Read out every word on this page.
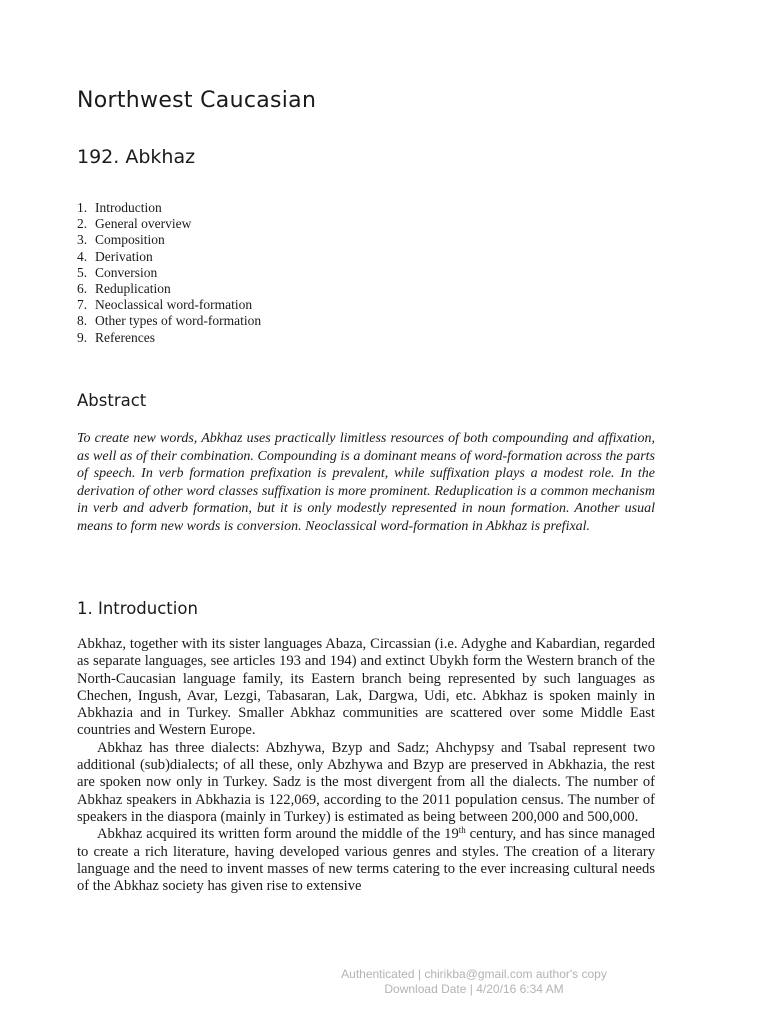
Northwest Caucasian
192. Abkhaz
1. Introduction
2. General overview
3. Composition
4. Derivation
5. Conversion
6. Reduplication
7. Neoclassical word-formation
8. Other types of word-formation
9. References
Abstract

To create new words, Abkhaz uses practically limitless resources of both compounding and affixation, as well as of their combination. Compounding is a dominant means of word-formation across the parts of speech. In verb formation prefixation is prevalent, while suffixation plays a modest role. In the derivation of other word classes suffixation is more prominent. Reduplication is a common mechanism in verb and adverb formation, but it is only modestly represented in noun formation. Another usual means to form new words is conversion. Neoclassical word-formation in Abkhaz is prefixal.

1. Introduction

Abkhaz, together with its sister languages Abaza, Circassian (i.e. Adyghe and Kabardian, regarded as separate languages, see articles 193 and 194) and extinct Ubykh form the Western branch of the North-Caucasian language family, its Eastern branch being represented by such languages as Chechen, Ingush, Avar, Lezgi, Tabasaran, Lak, Dargwa, Udi, etc. Abkhaz is spoken mainly in Abkhazia and in Turkey. Smaller Abkhaz communities are scattered over some Middle East countries and Western Europe.

Abkhaz has three dialects: Abzhywa, Bzyp and Sadz; Ahchypsy and Tsabal represent two additional (sub)dialects; of all these, only Abzhywa and Bzyp are preserved in Abkhazia, the rest are spoken now only in Turkey. Sadz is the most divergent from all the dialects. The number of Abkhaz speakers in Abkhazia is 122,069, according to the 2011 population census. The number of speakers in the diaspora (mainly in Turkey) is estimated as being between 200,000 and 500,000.

Abkhaz acquired its written form around the middle of the 19th century, and has since managed to create a rich literature, having developed various genres and styles. The creation of a literary language and the need to invent masses of new terms catering to the ever increasing cultural needs of the Abkhaz society has given rise to extensive

Authenticated | chirikba@gmail.com author's copy
Download Date | 4/20/16 6:34 AM
